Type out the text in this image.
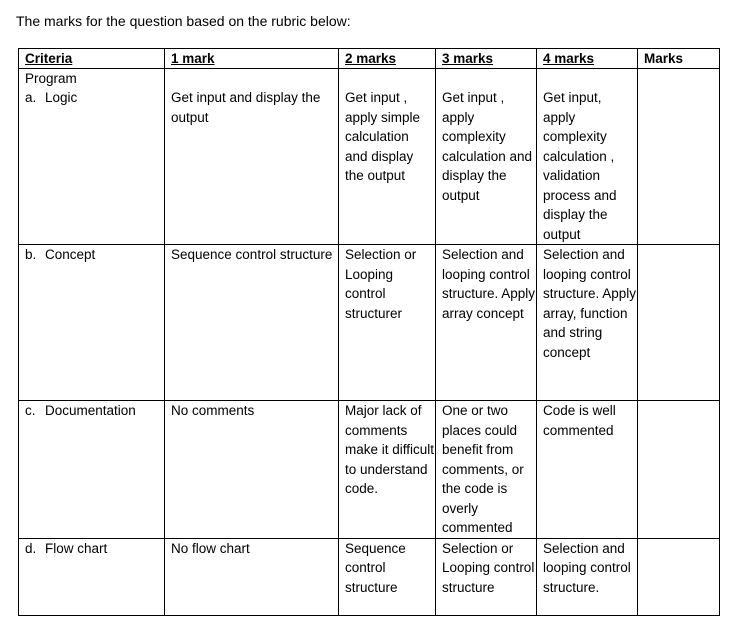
The marks for the question based on the rubric below:
Criteria	1 mark	2 marks	3 marks	4 marks	Marks
Program					
a. Logic	Get input and display the output	Get input , apply simple calculation and display the output	Get input , apply complexity calculation and display the output	Get input, apply complexity calculation , validation process and display the output	
b. Concept	Sequence control structure	Selection or Looping control structurer	Selection and looping control structure. Apply array concept	Selection and looping control structure. Apply array, function and string concept	
c. Documentation	No comments	Major lack of comments make it difficult to understand code.	One or two places could benefit from comments, or the code is overly commented	Code is well commented	
d. Flow chart	No flow chart	Sequence control structure	Selection or Looping control structure	Selection and looping control structure.	
